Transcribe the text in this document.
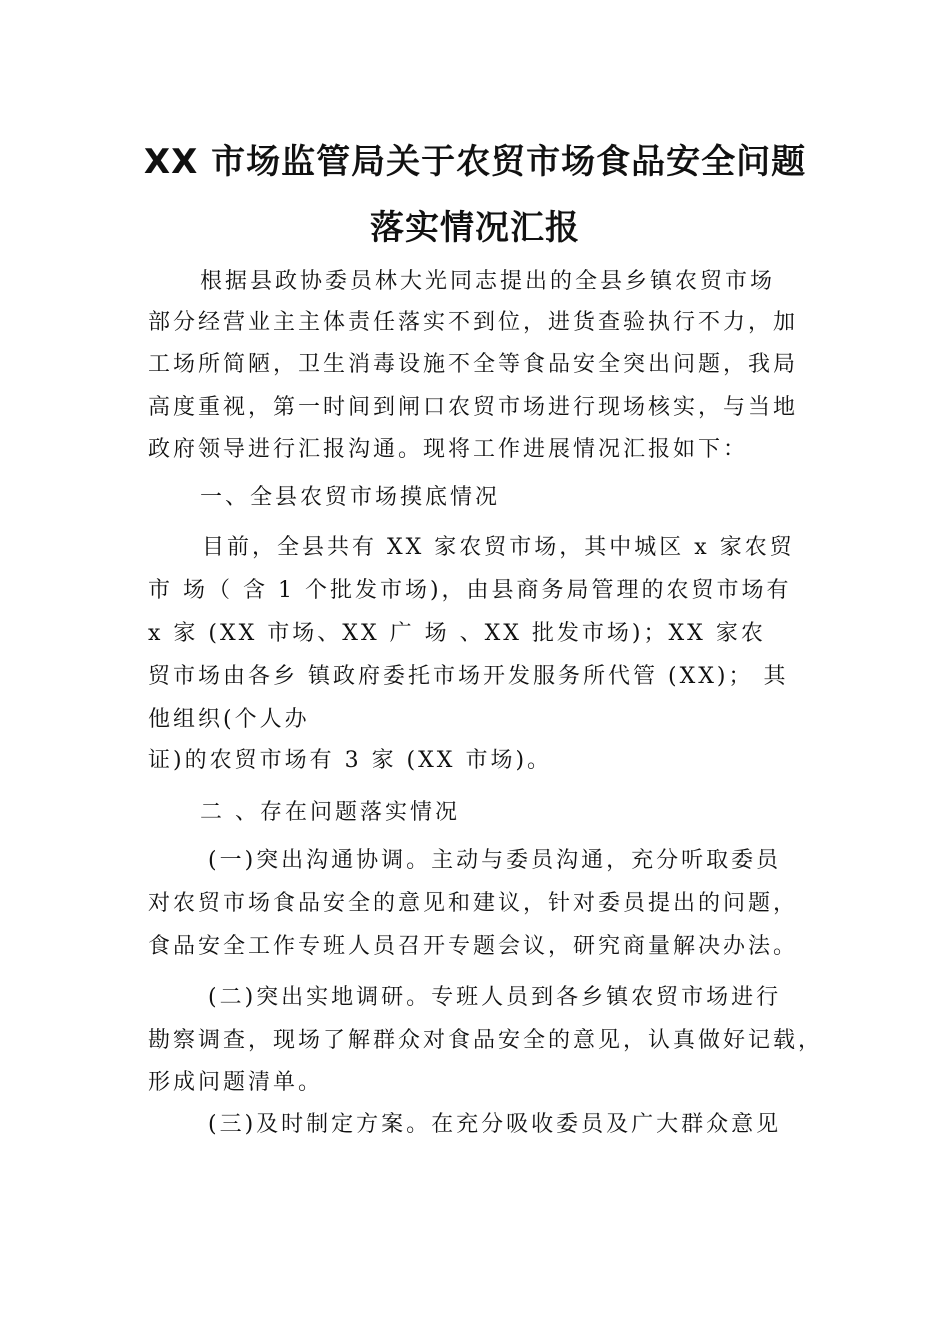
XX 市场监管局关于农贸市场食品安全问题
落实情况汇报
根据县政协委员林大光同志提出的全县乡镇农贸市场
部分经营业主主体责任落实不到位，进货查验执行不力，加
工场所简陋，卫生消毒设施不全等食品安全突出问题，我局
高度重视，第一时间到闸口农贸市场进行现场核实，与当地
政府领导进行汇报沟通。现将工作进展情况汇报如下：
一、全县农贸市场摸底情况
目前，全县共有 XX 家农贸市场，其中城区 x 家农贸
市 场（ 含 1 个批发市场)，由县商务局管理的农贸市场有
x 家 (XX 市场、XX 广 场 、XX 批发市场)；XX 家农
贸市场由各乡 镇政府委托市场开发服务所代管 (XX)； 其
他组织(个人办
证)的农贸市场有 3 家 (XX 市场)。
二 、存在问题落实情况
(一)突出沟通协调。主动与委员沟通，充分听取委员
对农贸市场食品安全的意见和建议，针对委员提出的问题，
食品安全工作专班人员召开专题会议，研究商量解决办法。
(二)突出实地调研。专班人员到各乡镇农贸市场进行
勘察调查，现场了解群众对食品安全的意见，认真做好记载，
形成问题清单。
(三)及时制定方案。在充分吸收委员及广大群众意见
